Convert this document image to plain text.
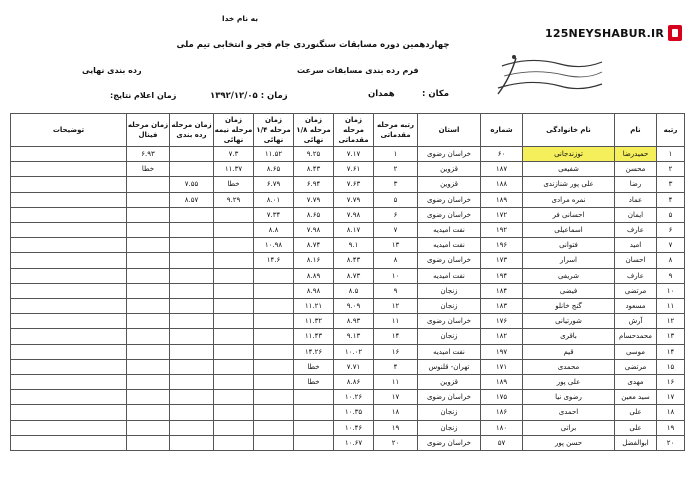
به نام خدا
چهاردهمین دوره مسابقات سنگنوردی جام فجر و انتخابی تیم ملی
فرم رده بندی مسابقات سرعت
رده بندی نهایی
مکان :
همدان
زمان : ۱۳۹۲/۱۲/۰۵
زمان اعلام نتایج:
125NEYSHABUR.IR
رتبه	نام	نام خانوادگی	شماره	استان	رتبه مرحله مقدماتی	زمان مرحله مقدماتی	زمان مرحله ۱/۸ نهائی	زمان مرحله ۱/۴ نهائی	زمان مرحله نیمه نهائی	زمان مرحله رده بندی	زمان مرحله فینال	توضیحات
۱	حمیدرضا	توزندجانی	۶۰	خراسان رضوی	۱	۷.۱۷	۹.۲۵	۱۱.۵۲	۷.۳		۶.۹۳	
۲	محسن	شفیعی	۱۸۷	قزوین	۲	۷.۶۱	۸.۴۳	۸.۶۵	۱۱.۳۷		خطا	
۳	رضا	علی پور شنازندی	۱۸۸	قزوین	۳	۷.۶۳	۶.۹۴	۶.۷۹	خطا	۷.۵۵		
۴	عماد	نمره مرادی	۱۸۹	خراسان رضوی	۵	۷.۷۹	۷.۷۹	۸.۰۱	۹.۲۹	۸.۵۷		
۵	ایمان	احسانی فر	۱۷۲	خراسان رضوی	۶	۷.۹۸	۸.۶۵	۷.۳۴				
۶	عارف	اسماعیلی	۱۹۲	نفت امیدیه	۷	۸.۱۷	۷.۹۸	۸.۸				
۷	امید	فتوانی	۱۹۶	نفت امیدیه	۱۳	۹.۱	۸.۷۴	۱۰.۹۸				
۸	احسان	اسرار	۱۷۳	خراسان رضوی	۸	۸.۴۳	۸.۱۶	۱۴.۶				
۹	عارف	شریفی	۱۹۴	نفت امیدیه	۱۰	۸.۷۳	۸.۸۹					
۱۰	مرتضی	فیضی	۱۸۴	زنجان	۹	۸.۵	۸.۹۸					
۱۱	مسعود	گنج خانلو	۱۸۳	زنجان	۱۲	۹.۰۹	۱۱.۲۱					
۱۲	آرش	شورتیانی	۱۷۶	خراسان رضوی	۱۱	۸.۹۳	۱۱.۳۲					
۱۳	محمدحسام	باقری	۱۸۲	زنجان	۱۴	۹.۱۳	۱۱.۴۳					
۱۴	موسی	قیم	۱۹۷	نفت امیدیه	۱۶	۱۰.۰۲	۱۴.۲۶					
۱۵	مرتضی	محمدی	۱۷۱	تهران- قلنوس	۴	۷.۷۱	خطا					
۱۶	مهدی	علی پور	۱۸۹	قزوین	۱۱	۸.۸۶	خطا					
۱۷	سید معین	رضوی نیا	۱۷۵	خراسان رضوی	۱۷	۱۰.۲۶						
۱۸	علی	احمدی	۱۸۶	زنجان	۱۸	۱۰.۳۵						
۱۹	علی	براتی	۱۸۰	زنجان	۱۹	۱۰.۴۶						
۲۰	ابوالفضل	حسن پور	۵۷	خراسان رضوی	۲۰	۱۰.۶۷						
